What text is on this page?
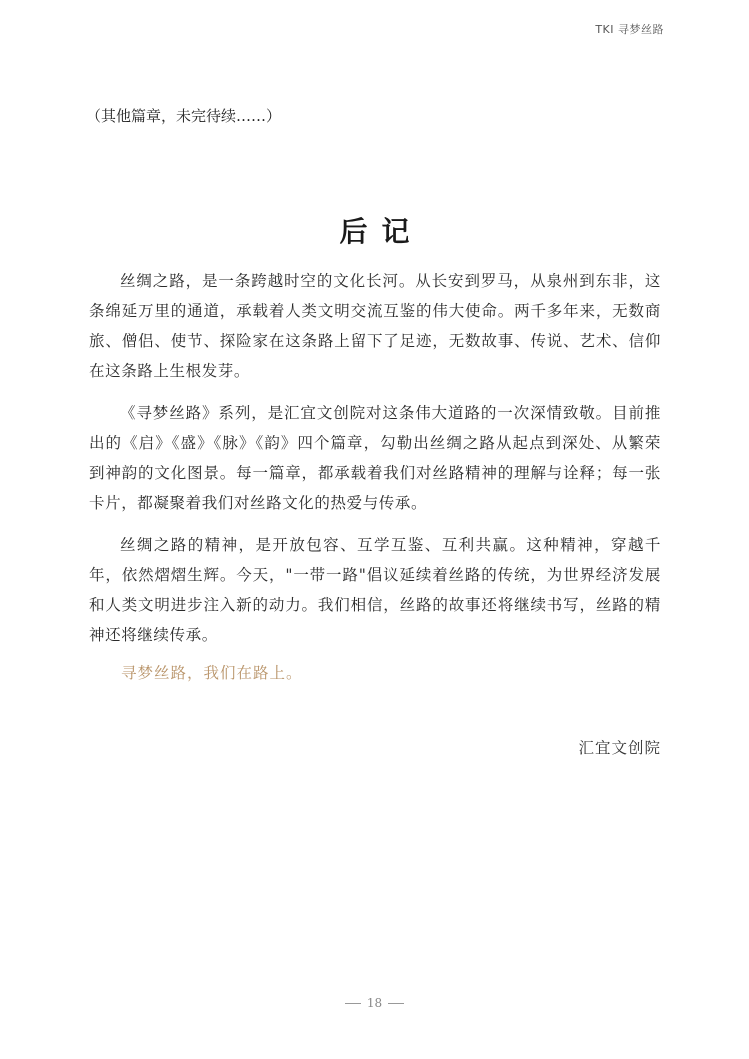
TKI 寻梦丝路
（其他篇章，未完待续……）
后记

丝绸之路，是一条跨越时空的文化长河。从长安到罗马，从泉州到东非，这条绵延万里的通道，承载着人类文明交流互鉴的伟大使命。两千多年来，无数商旅、僧侣、使节、探险家在这条路上留下了足迹，无数故事、传说、艺术、信仰在这条路上生根发芽。

《寻梦丝路》系列，是汇宜文创院对这条伟大道路的一次深情致敬。目前推出的《启》《盛》《脉》《韵》四个篇章，勾勒出丝绸之路从起点到深处、从繁荣到神韵的文化图景。每一篇章，都承载着我们对丝路精神的理解与诠释；每一张卡片，都凝聚着我们对丝路文化的热爱与传承。

丝绸之路的精神，是开放包容、互学互鉴、互利共赢。这种精神，穿越千年，依然熠熠生辉。今天，"一带一路"倡议延续着丝路的传统，为世界经济发展和人类文明进步注入新的动力。我们相信，丝路的故事还将继续书写，丝路的精神还将继续传承。

寻梦丝路，我们在路上。
汇宜文创院
18
